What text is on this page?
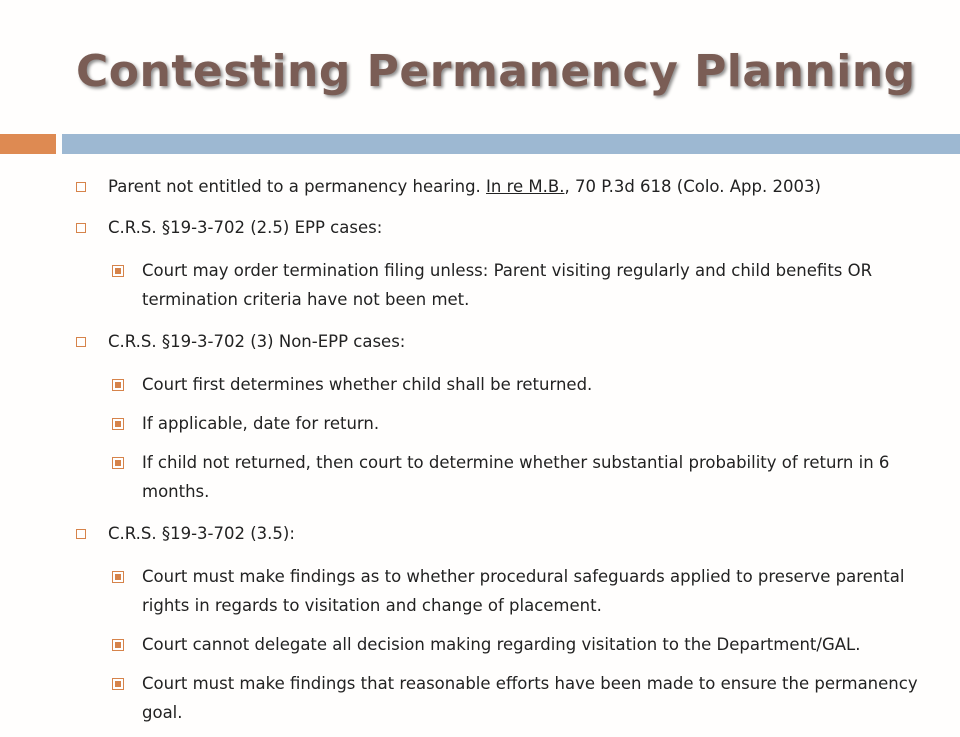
Contesting Permanency Planning
Parent not entitled to a permanency hearing. In re M.B., 70 P.3d 618 (Colo. App. 2003)
C.R.S. §19-3-702 (2.5) EPP cases:
Court may order termination filing unless: Parent visiting regularly and child benefits OR termination criteria have not been met.
C.R.S. §19-3-702 (3) Non-EPP cases:
Court first determines whether child shall be returned.
If applicable, date for return.
If child not returned, then court to determine whether substantial probability of return in 6 months.
C.R.S. §19-3-702 (3.5):
Court must make findings as to whether procedural safeguards applied to preserve parental rights in regards to visitation and change of placement.
Court cannot delegate all decision making regarding visitation to the Department/GAL.
Court must make findings that reasonable efforts have been made to ensure the permanency goal.
